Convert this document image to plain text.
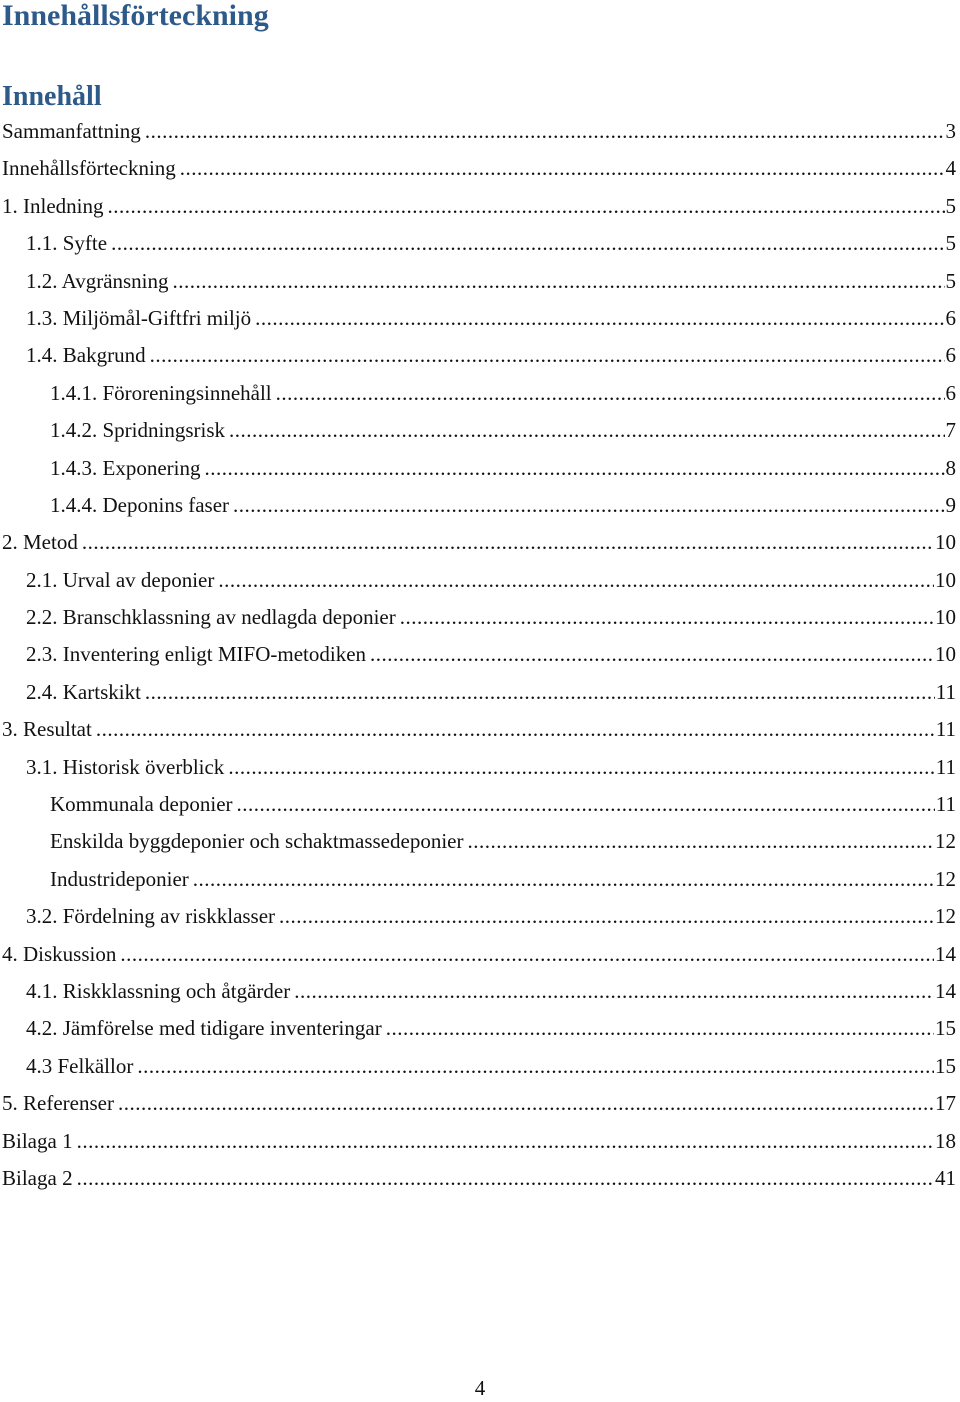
Innehållsförteckning
Innehåll
Sammanfattning .....	3
Innehållsförteckning .....	4
1. Inledning .....	5
1.1. Syfte .....	5
1.2. Avgränsning .....	5
1.3. Miljömål-Giftfri miljö .....	6
1.4. Bakgrund .....	6
1.4.1. Föroreningsinnehåll .....	6
1.4.2. Spridningsrisk .....	7
1.4.3. Exponering .....	8
1.4.4. Deponins faser .....	9
2. Metod .....	10
2.1. Urval av deponier .....	10
2.2. Branschklassning av nedlagda deponier .....	10
2.3. Inventering enligt MIFO-metodiken .....	10
2.4. Kartskikt .....	11
3. Resultat .....	11
3.1. Historisk överblick .....	11
Kommunala deponier .....	11
Enskilda byggdeponier och schaktmassedeponier .....	12
Industrideponier .....	12
3.2. Fördelning av riskklasser .....	12
4. Diskussion .....	14
4.1. Riskklassning och åtgärder .....	14
4.2. Jämförelse med tidigare inventeringar .....	15
4.3 Felkällor .....	15
5. Referenser .....	17
Bilaga 1 .....	18
Bilaga 2 .....	41
4
